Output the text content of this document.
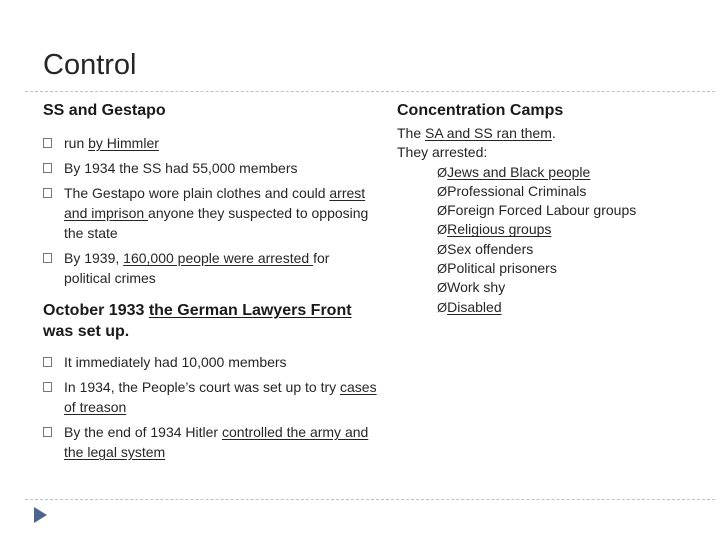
Control
SS and Gestapo
run by Himmler
By 1934 the SS had 55,000 members
The Gestapo wore plain clothes and could arrest and imprison anyone they suspected to opposing the state
By 1939, 160,000 people were arrested for political crimes
October 1933 the German Lawyers Front was set up.
It immediately had 10,000 members
In 1934, the People’s court was set up to try cases of treason
By the end of 1934 Hitler controlled the army and the legal system
Concentration Camps
The SA and SS ran them.
They arrested:
ØJews and Black people
ØProfessional Criminals
ØForeign Forced Labour groups
ØReligious groups
ØSex offenders
ØPolitical prisoners
ØWork shy
ØDisabled
